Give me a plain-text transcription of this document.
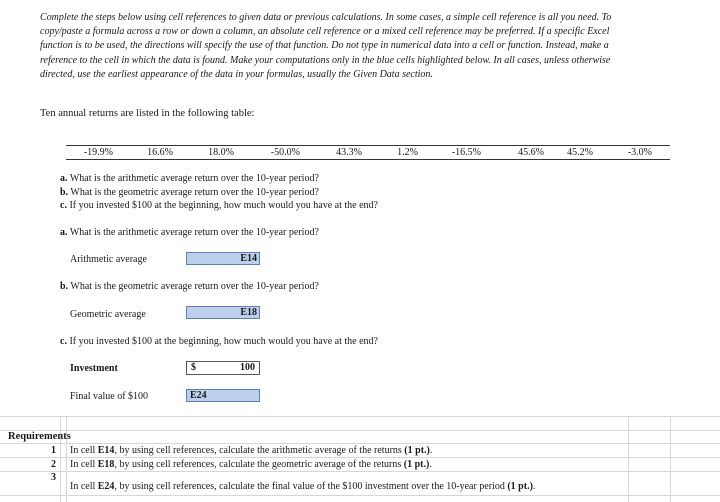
Complete the steps below using cell references to given data or previous calculations. In some cases, a simple cell reference is all you need. To copy/paste a formula across a row or down a column, an absolute cell reference or a mixed cell reference may be preferred. If a specific Excel function is to be used, the directions will specify the use of that function. Do not type in numerical data into a cell or function. Instead, make a reference to the cell in which the data is found. Make your computations only in the blue cells highlighted below. In all cases, unless otherwise directed, use the earliest appearance of the data in your formulas, usually the Given Data section.
Ten annual returns are listed in the following table:
-19.9%	16.6%	18.0%	-50.0%	43.3%	1.2%	-16.5%	45.6%	45.2%	-3.0%
a. What is the arithmetic average return over the 10-year period?
b. What is the geometric average return over the 10-year period?
c. If you invested $100 at the beginning, how much would you have at the end?
a. What is the arithmetic average return over the 10-year period?
Arithmetic average	E14
b. What is the geometric average return over the 10-year period?
Geometric average	E18
c. If you invested $100 at the beginning, how much would you have at the end?
Investment	$	100
Final value of $100	E24
Requirements
1 In cell E14, by using cell references, calculate the arithmetic average of the returns (1 pt.).
2 In cell E18, by using cell references, calculate the geometric average of the returns (1 pt.).
3
In cell E24, by using cell references, calculate the final value of the $100 investment over the 10-year period (1 pt.).
